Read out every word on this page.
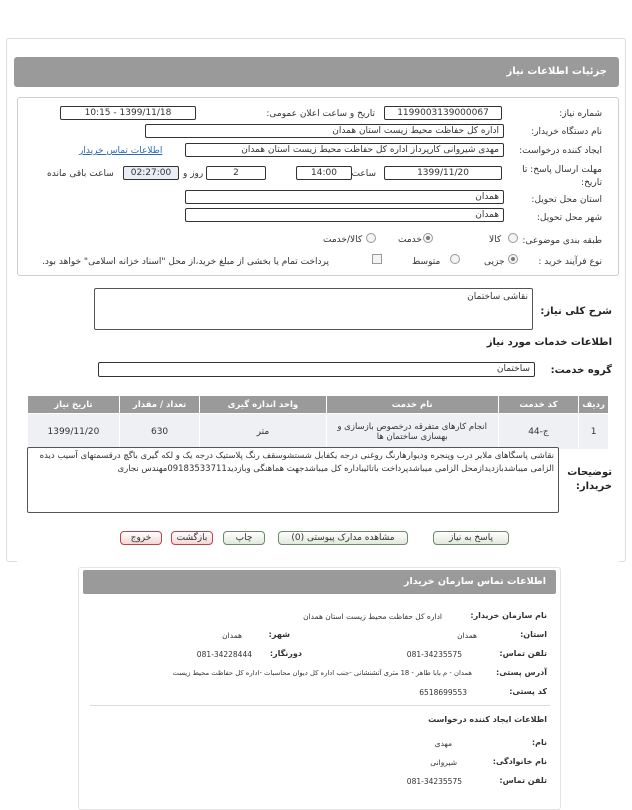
جزئیات اطلاعات نیاز
شماره نیاز:
1199003139000067
تاریخ و ساعت اعلان عمومی:
1399/11/18 - 10:15
نام دستگاه خریدار:
اداره کل حفاظت محیط زیست استان همدان
ایجاد کننده درخواست:
مهدی شیروانی کارپرداز اداره کل حفاظت محیط زیست استان همدان
اطلاعات تماس خریدار
مهلت ارسال پاسخ: تا تاریخ:
1399/11/20
ساعت
14:00
2
روز و
02:27:00
ساعت باقی مانده
استان محل تحویل:
همدان
شهر محل تحویل:
همدان
طبقه بندی موضوعی:
کالا
خدمت
کالا/خدمت
نوع فرآیند خرید :
جزیی
متوسط
پرداخت تمام یا بخشی از مبلغ خرید،از محل "اسناد خزانه اسلامی" خواهد بود.
شرح کلی نیاز:
نقاشی ساختمان
اطلاعات خدمات مورد نیاز
گروه خدمت:
ساختمان
ردیف	کد خدمت	نام خدمت	واحد اندازه گیری	تعداد / مقدار	تاریخ نیاز
1	ج-44	انجام کارهای متفرقه درخصوص بازسازی و بهسازی ساختمان ها	متر	630	1399/11/20
توضیحات خریدار:
نقاشی پاسگاهای ملایر درب وپنجره ودیوارهارنگ روغنی درجه یکفابل شستشوسقف رنگ پلاستیک درجه یک و لکه گیری باگچ درقسمتهای آسیب دیده الزامی میباشدبازدیدازمحل الزامی میباشدپرداخت باتائیباداره کل میباشدجهت هماهنگی وبازدید09183533711مهندس نجاری
پاسخ به نیاز
مشاهده مدارک پیوستی (0)
چاپ
بازگشت
خروج
اطلاعات تماس سازمان خریدار
نام سازمان خریدار:
اداره کل حفاظت محیط زیست استان همدان
استان:
همدان
شهر:
همدان
تلفن تماس:
081-34235575
دورنگار:
081-34228444
آدرس پستی:
همدان - م بابا طاهر - 18 متری آتشنشانی -جنب اداره کل دیوان محاسبات -اداره کل حفاظت محیط زیست
کد پستی:
6518699553
اطلاعات ایجاد کننده درخواست
نام:
مهدی
نام خانوادگی:
شیروانی
تلفن تماس:
081-34235575
